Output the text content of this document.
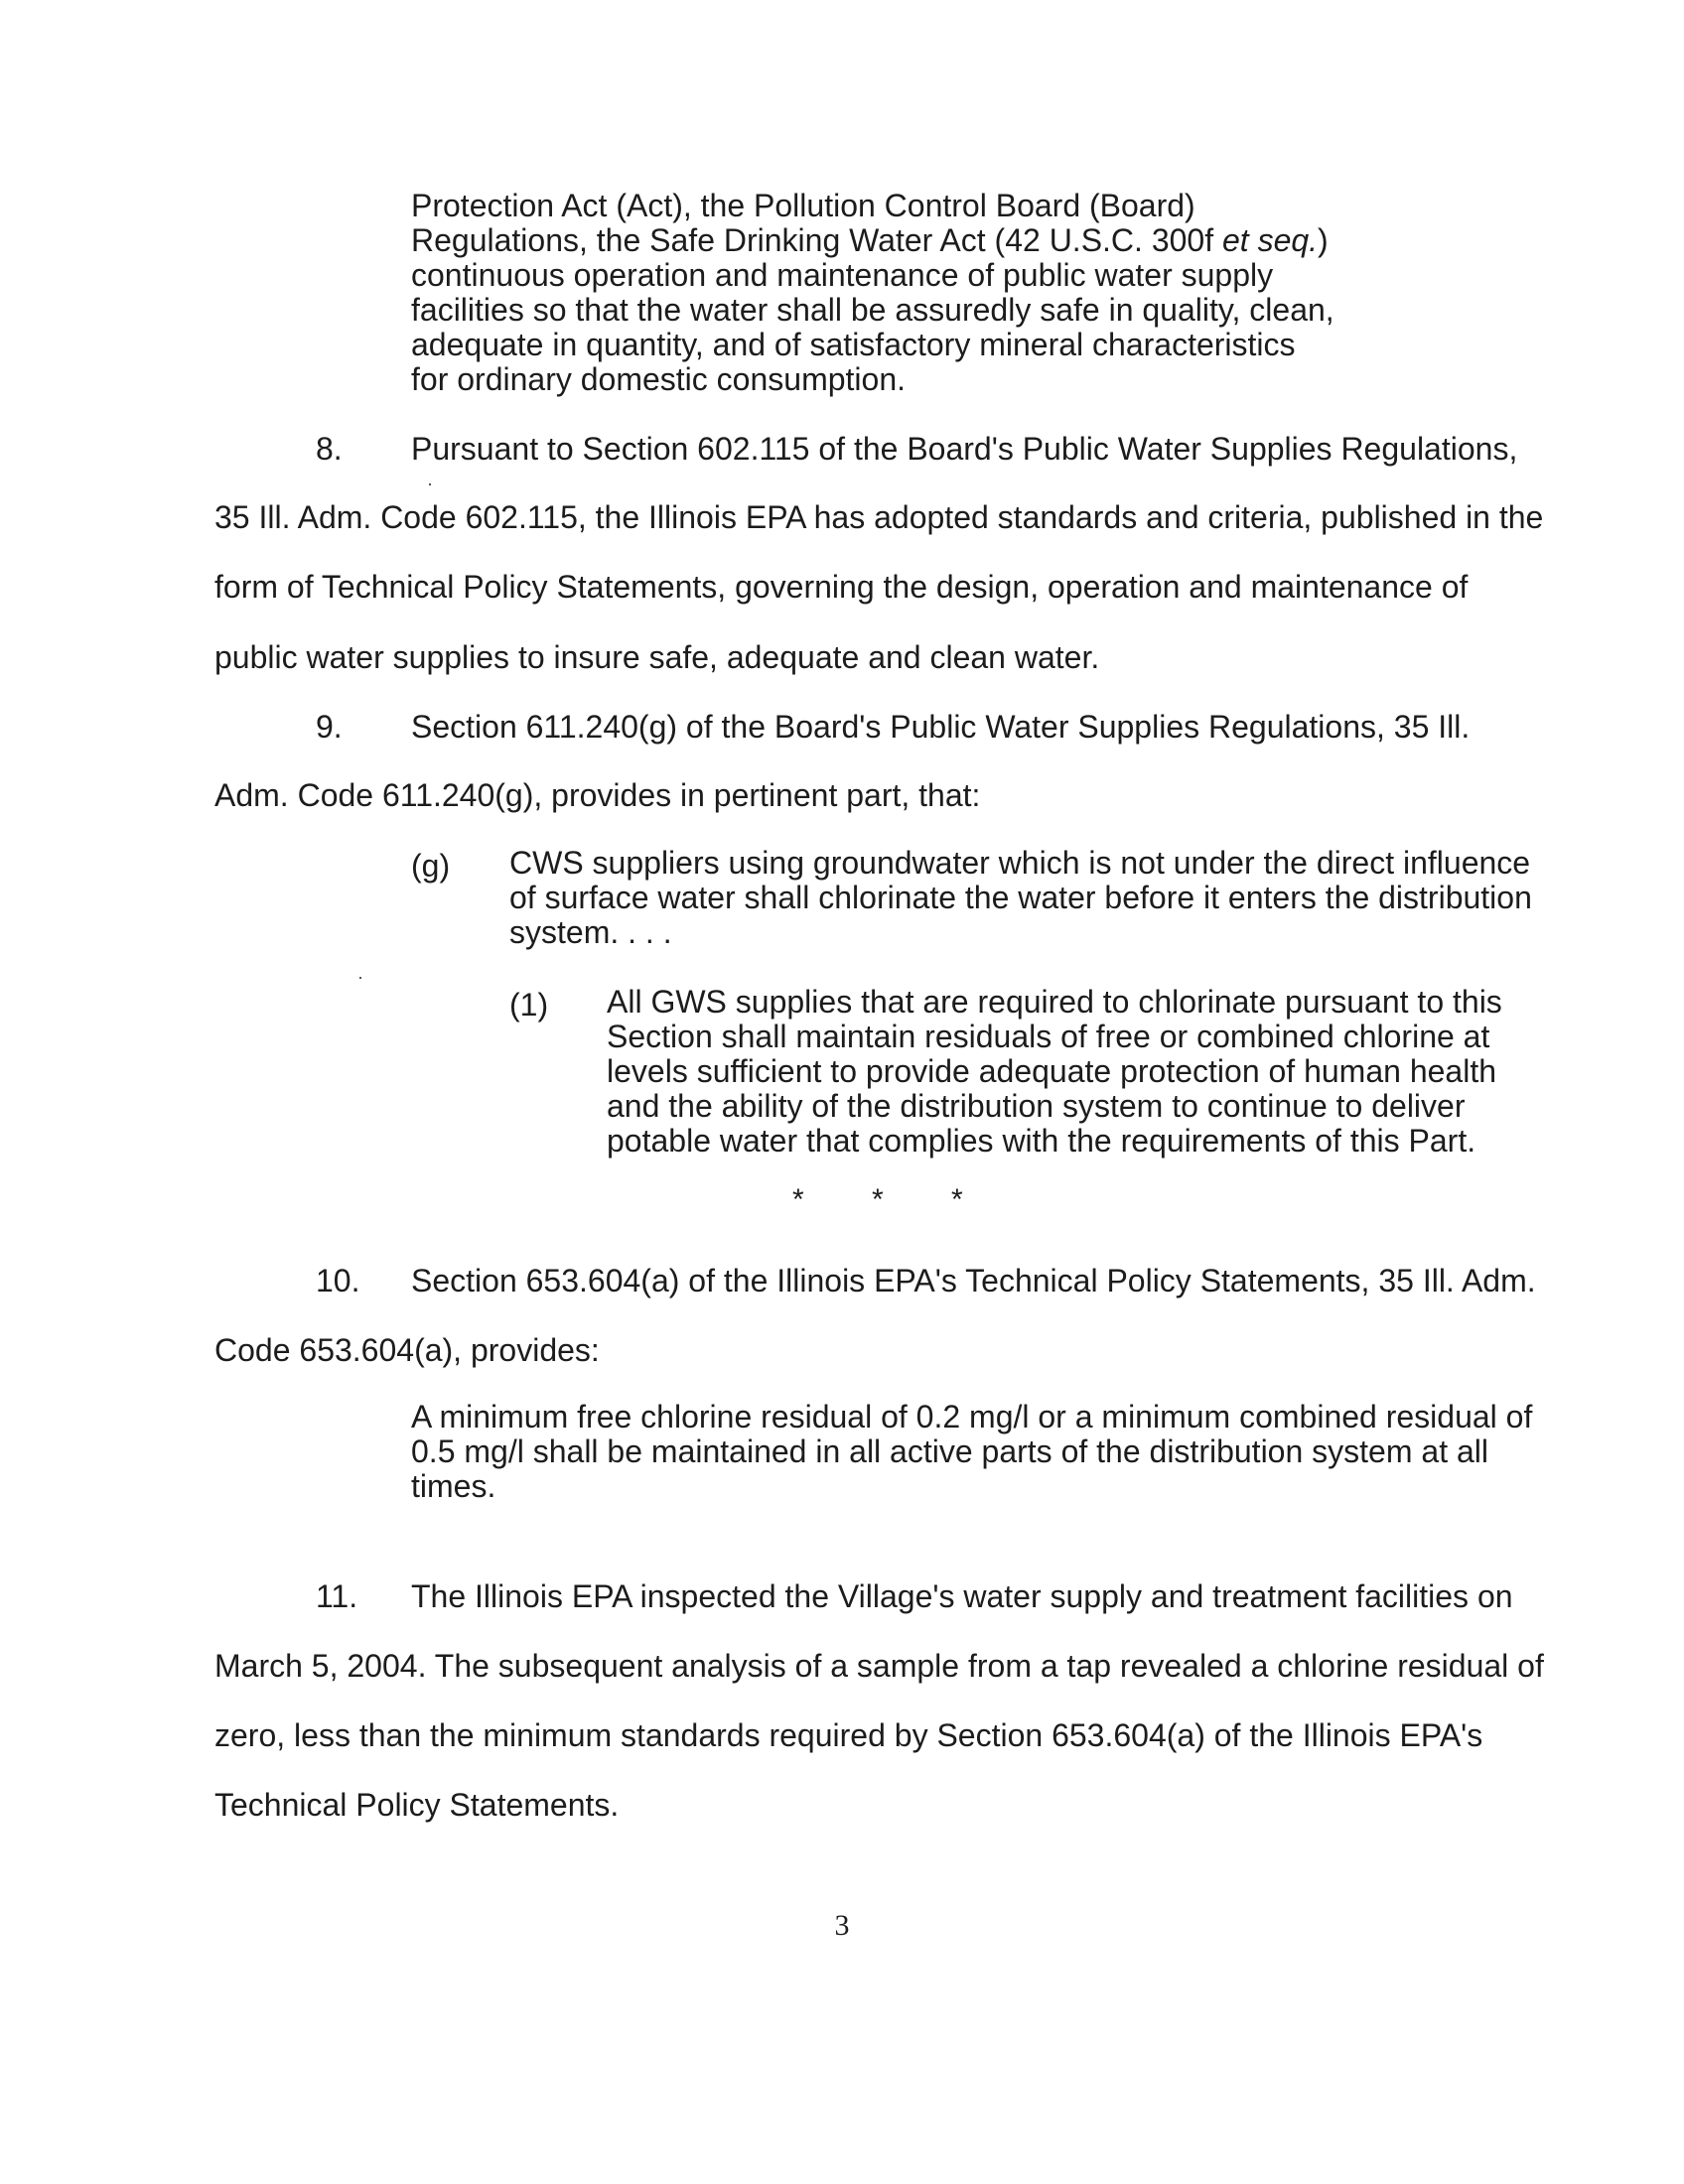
Protection Act (Act), the Pollution Control Board (Board)
Regulations, the Safe Drinking Water Act (42 U.S.C. 300f et seq.)
continuous operation and maintenance of public water supply
facilities so that the water shall be assuredly safe in quality, clean,
adequate in quantity, and of satisfactory mineral characteristics
for ordinary domestic consumption.
8. Pursuant to Section 602.115 of the Board's Public Water Supplies Regulations,
35 Ill. Adm. Code 602.115, the Illinois EPA has adopted standards and criteria, published in the
form of Technical Policy Statements, governing the design, operation and maintenance of
public water supplies to insure safe, adequate and clean water.
9. Section 611.240(g) of the Board's Public Water Supplies Regulations, 35 Ill.
Adm. Code 611.240(g), provides in pertinent part, that:
(g) CWS suppliers using groundwater which is not under the direct influence
of surface water shall chlorinate the water before it enters the distribution
system. . . .
(1) All GWS supplies that are required to chlorinate pursuant to this
Section shall maintain residuals of free or combined chlorine at
levels sufficient to provide adequate protection of human health
and the ability of the distribution system to continue to deliver
potable water that complies with the requirements of this Part.
* * *
10. Section 653.604(a) of the Illinois EPA's Technical Policy Statements, 35 Ill. Adm.
Code 653.604(a), provides:
A minimum free chlorine residual of 0.2 mg/l or a minimum combined residual of
0.5 mg/l shall be maintained in all active parts of the distribution system at all
times.
11. The Illinois EPA inspected the Village's water supply and treatment facilities on
March 5, 2004. The subsequent analysis of a sample from a tap revealed a chlorine residual of
zero, less than the minimum standards required by Section 653.604(a) of the Illinois EPA's
Technical Policy Statements.
3
